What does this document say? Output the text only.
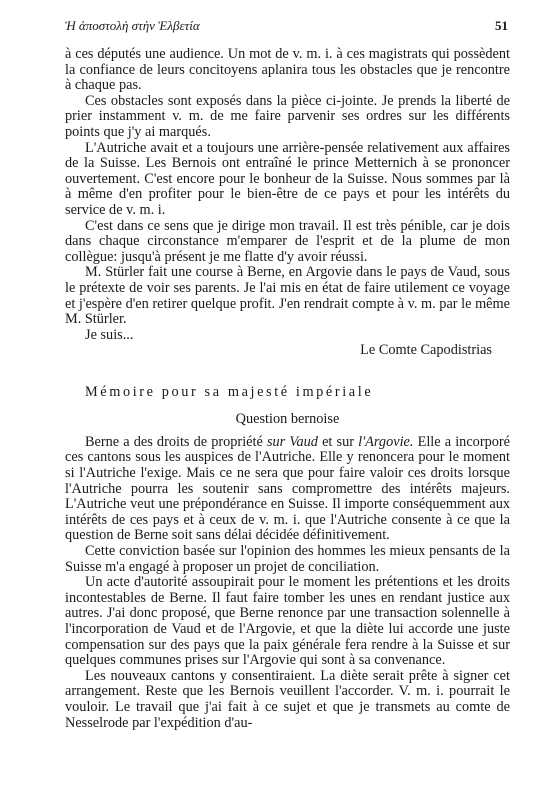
Ἡ ἀποστολὴ στὴν Ἑλβετία	51

à ces députés une audience. Un mot de v. m. i. à ces magistrats qui possèdent la confiance de leurs concitoyens aplanira tous les obstacles que je rencontre à chaque pas.

Ces obstacles sont exposés dans la pièce ci-jointe. Je prends la liberté de prier instamment v. m. de me faire parvenir ses ordres sur les différents points que j'y ai marqués.

L'Autriche avait et a toujours une arrière-pensée relativement aux affaires de la Suisse. Les Bernois ont entraîné le prince Metternich à se prononcer ouvertement. C'est encore pour le bonheur de la Suisse. Nous sommes par là à même d'en profiter pour le bien-être de ce pays et pour les intérêts du service de v. m. i.

C'est dans ce sens que je dirige mon travail. Il est très pénible, car je dois dans chaque circonstance m'emparer de l'esprit et de la plume de mon collègue: jusqu'à présent je me flatte d'y avoir réussi.

M. Stürler fait une course à Berne, en Argovie dans le pays de Vaud, sous le prétexte de voir ses parents. Je l'ai mis en état de faire utilement ce voyage et j'espère d'en retirer quelque profit. J'en rendrait compte à v. m. par le même M. Stürler.

Je suis...

Le Comte Capodistrias

Mémoire pour sa majesté impériale
Question bernoise

Berne a des droits de propriété sur Vaud et sur l'Argovie. Elle a incorporé ces cantons sous les auspices de l'Autriche. Elle y renoncera pour le moment si l'Autriche l'exige. Mais ce ne sera que pour faire valoir ces droits lorsque l'Autriche pourra les soutenir sans compromettre des intérêts majeurs. L'Autriche veut une prépondérance en Suisse. Il importe conséquemment aux intérêts de ces pays et à ceux de v. m. i. que l'Autriche consente à ce que la question de Berne soit sans délai décidée définitivement.

Cette conviction basée sur l'opinion des hommes les mieux pensants de la Suisse m'a engagé à proposer un projet de conciliation.

Un acte d'autorité assoupirait pour le moment les prétentions et les droits incontestables de Berne. Il faut faire tomber les unes en rendant justice aux autres. J'ai donc proposé, que Berne renonce par une transaction solennelle à l'incorporation de Vaud et de l'Argovie, et que la diète lui accorde une juste compensation sur des pays que la paix générale fera rendre à la Suisse et sur quelques communes prises sur l'Argovie qui sont à sa convenance.

Les nouveaux cantons y consentiraient. La diète serait prête à signer cet arrangement. Reste que les Bernois veuillent l'accorder. V. m. i. pourrait le vouloir. Le travail que j'ai fait à ce sujet et que je transmets au comte de Nesselrode par l'expédition d'au-
